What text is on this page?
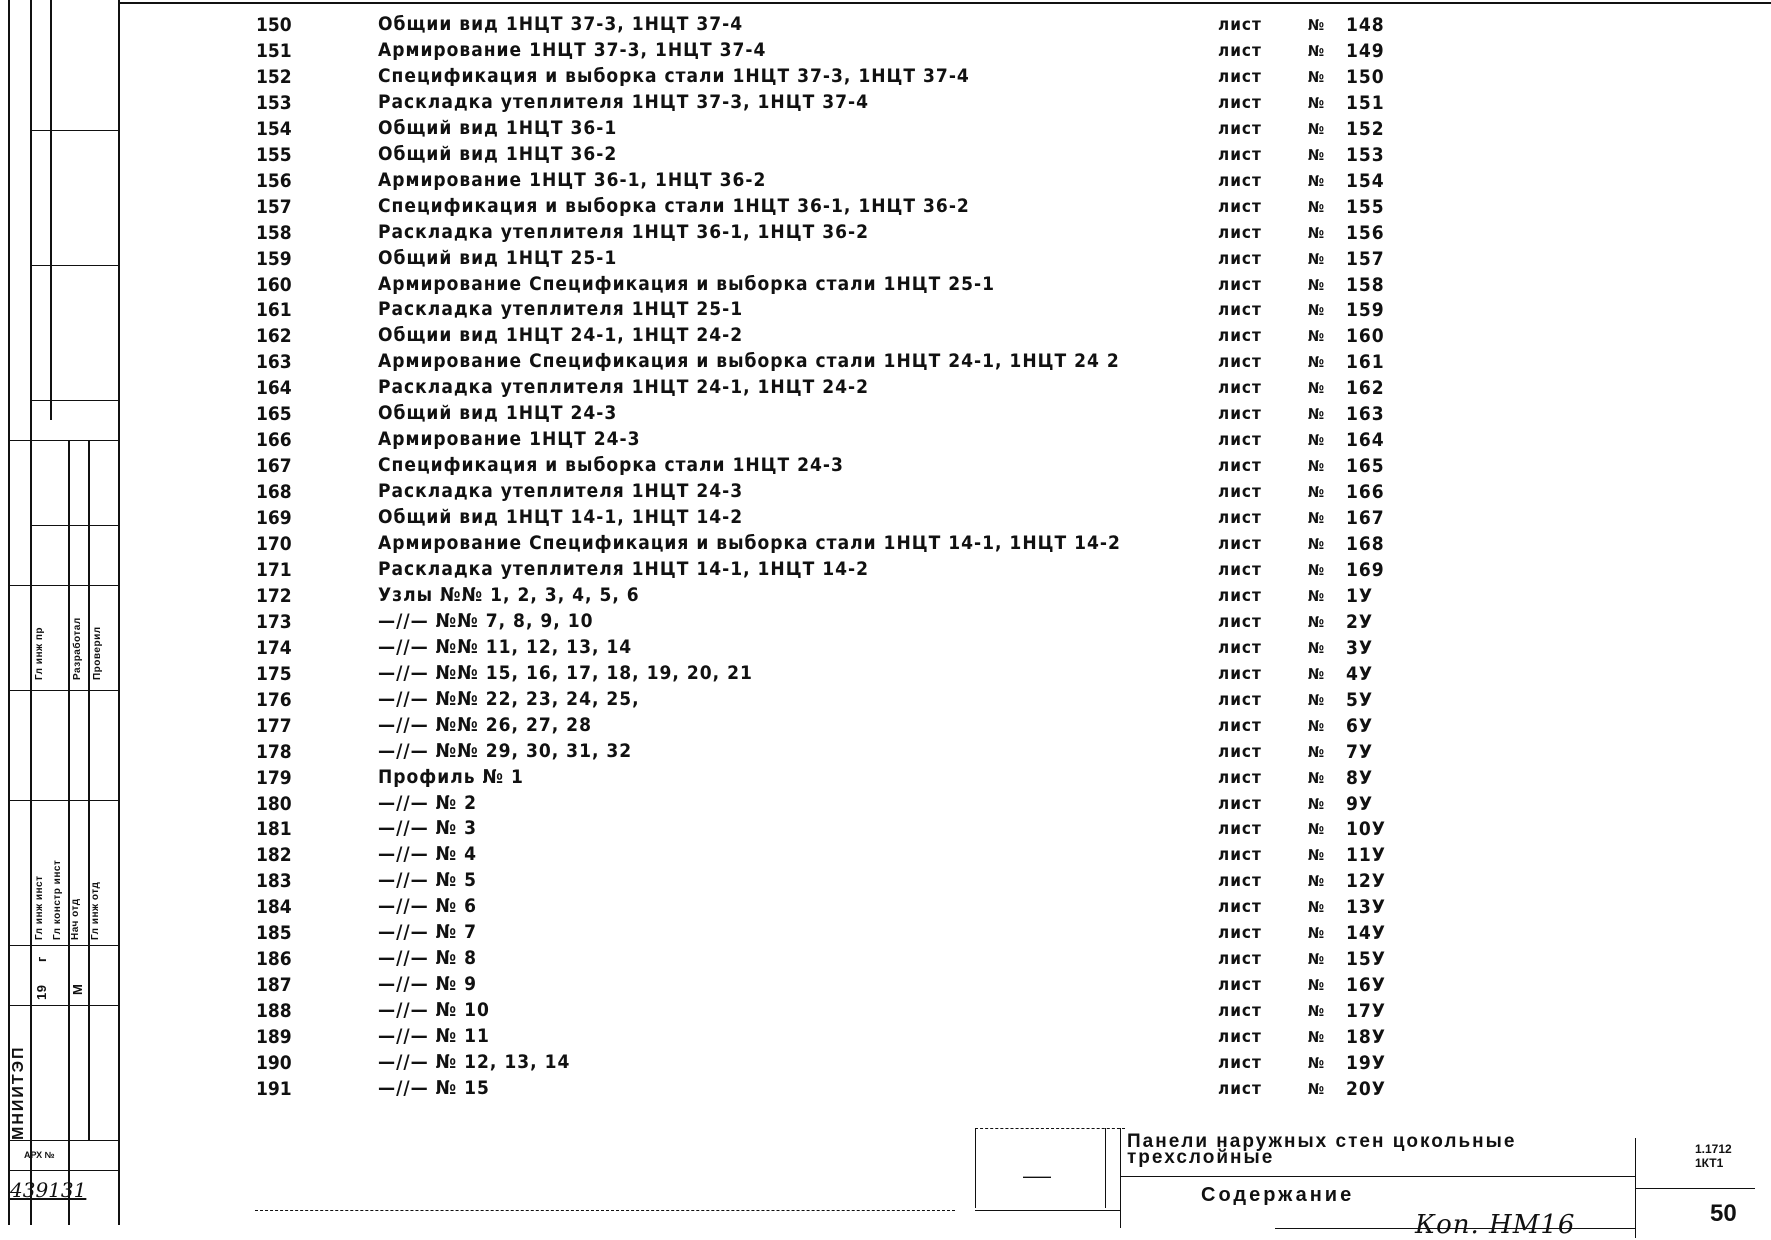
Гл инж пр	Разработал Проверил
Гл инж инст Гл констр инст Нач отд Гл инж отд
19
г
М
МНИИТЭП
АРХ №
439131
150	Общии вид 1НЦТ 37-3, 1НЦТ 37-4	лист	№ 148
151	Армирование 1НЦТ 37-3, 1НЦТ 37-4	лист	№ 149
152	Спецификация и выборка стали 1НЦТ 37-3, 1НЦТ 37-4	лист	№ 150
153	Раскладка утеплителя 1НЦТ 37-3, 1НЦТ 37-4	лист	№ 151
154	Общий вид 1НЦТ 36-1	лист	№ 152
155	Общий вид 1НЦТ 36-2	лист	№ 153
156	Армирование 1НЦТ 36-1, 1НЦТ 36-2	лист	№ 154
157	Спецификация и выборка стали 1НЦТ 36-1, 1НЦТ 36-2	лист	№ 155
158	Раскладка утеплителя 1НЦТ 36-1, 1НЦТ 36-2	лист	№ 156
159	Общий вид 1НЦТ 25-1	лист	№ 157
160	Армирование Спецификация и выборка стали 1НЦТ 25-1	лист	№ 158
161	Раскладка утеплителя 1НЦТ 25-1	лист	№ 159
162	Общии вид 1НЦТ 24-1, 1НЦТ 24-2	лист	№ 160
163	Армирование Спецификация и выборка стали 1НЦТ 24-1, 1НЦТ 24 2	лист	№ 161
164	Раскладка утеплителя 1НЦТ 24-1, 1НЦТ 24-2	лист	№ 162
165	Общий вид 1НЦТ 24-3	лист	№ 163
166	Армирование 1НЦТ 24-3	лист	№ 164
167	Спецификация и выборка стали 1НЦТ 24-3	лист	№ 165
168	Раскладка утеплителя 1НЦТ 24-3	лист	№ 166
169	Общий вид 1НЦТ 14-1, 1НЦТ 14-2	лист	№ 167
170	Армирование Спецификация и выборка стали 1НЦТ 14-1, 1НЦТ 14-2	лист	№ 168
171	Раскладка утеплителя 1НЦТ 14-1, 1НЦТ 14-2	лист	№ 169
172	Узлы №№ 1, 2, 3, 4, 5, 6	лист	№ 1У
173	—//— №№ 7, 8, 9, 10	лист	№ 2У
174	—//— №№ 11, 12, 13, 14	лист	№ 3У
175	—//— №№ 15, 16, 17, 18, 19, 20, 21	лист	№ 4У
176	—//— №№ 22, 23, 24, 25,	лист	№ 5У
177	—//— №№ 26, 27, 28	лист	№ 6У
178	—//— №№ 29, 30, 31, 32	лист	№ 7У
179	Профиль № 1	лист	№ 8У
180	—//— № 2	лист	№ 9У
181	—//— № 3	лист	№ 10У
182	—//— № 4	лист	№ 11У
183	—//— № 5	лист	№ 12У
184	—//— № 6	лист	№ 13У
185	—//— № 7	лист	№ 14У
186	—//— № 8	лист	№ 15У
187	—//— № 9	лист	№ 16У
188	—//— № 10	лист	№ 17У
189	—//— № 11	лист	№ 18У
190	—//— № 12, 13, 14	лист	№ 19У
191	—//— № 15	лист	№ 20У
——
Панели наружных стен цокольные трехслойные
Содержание
1.1712
1КТ1
50
Коп. НМ16
